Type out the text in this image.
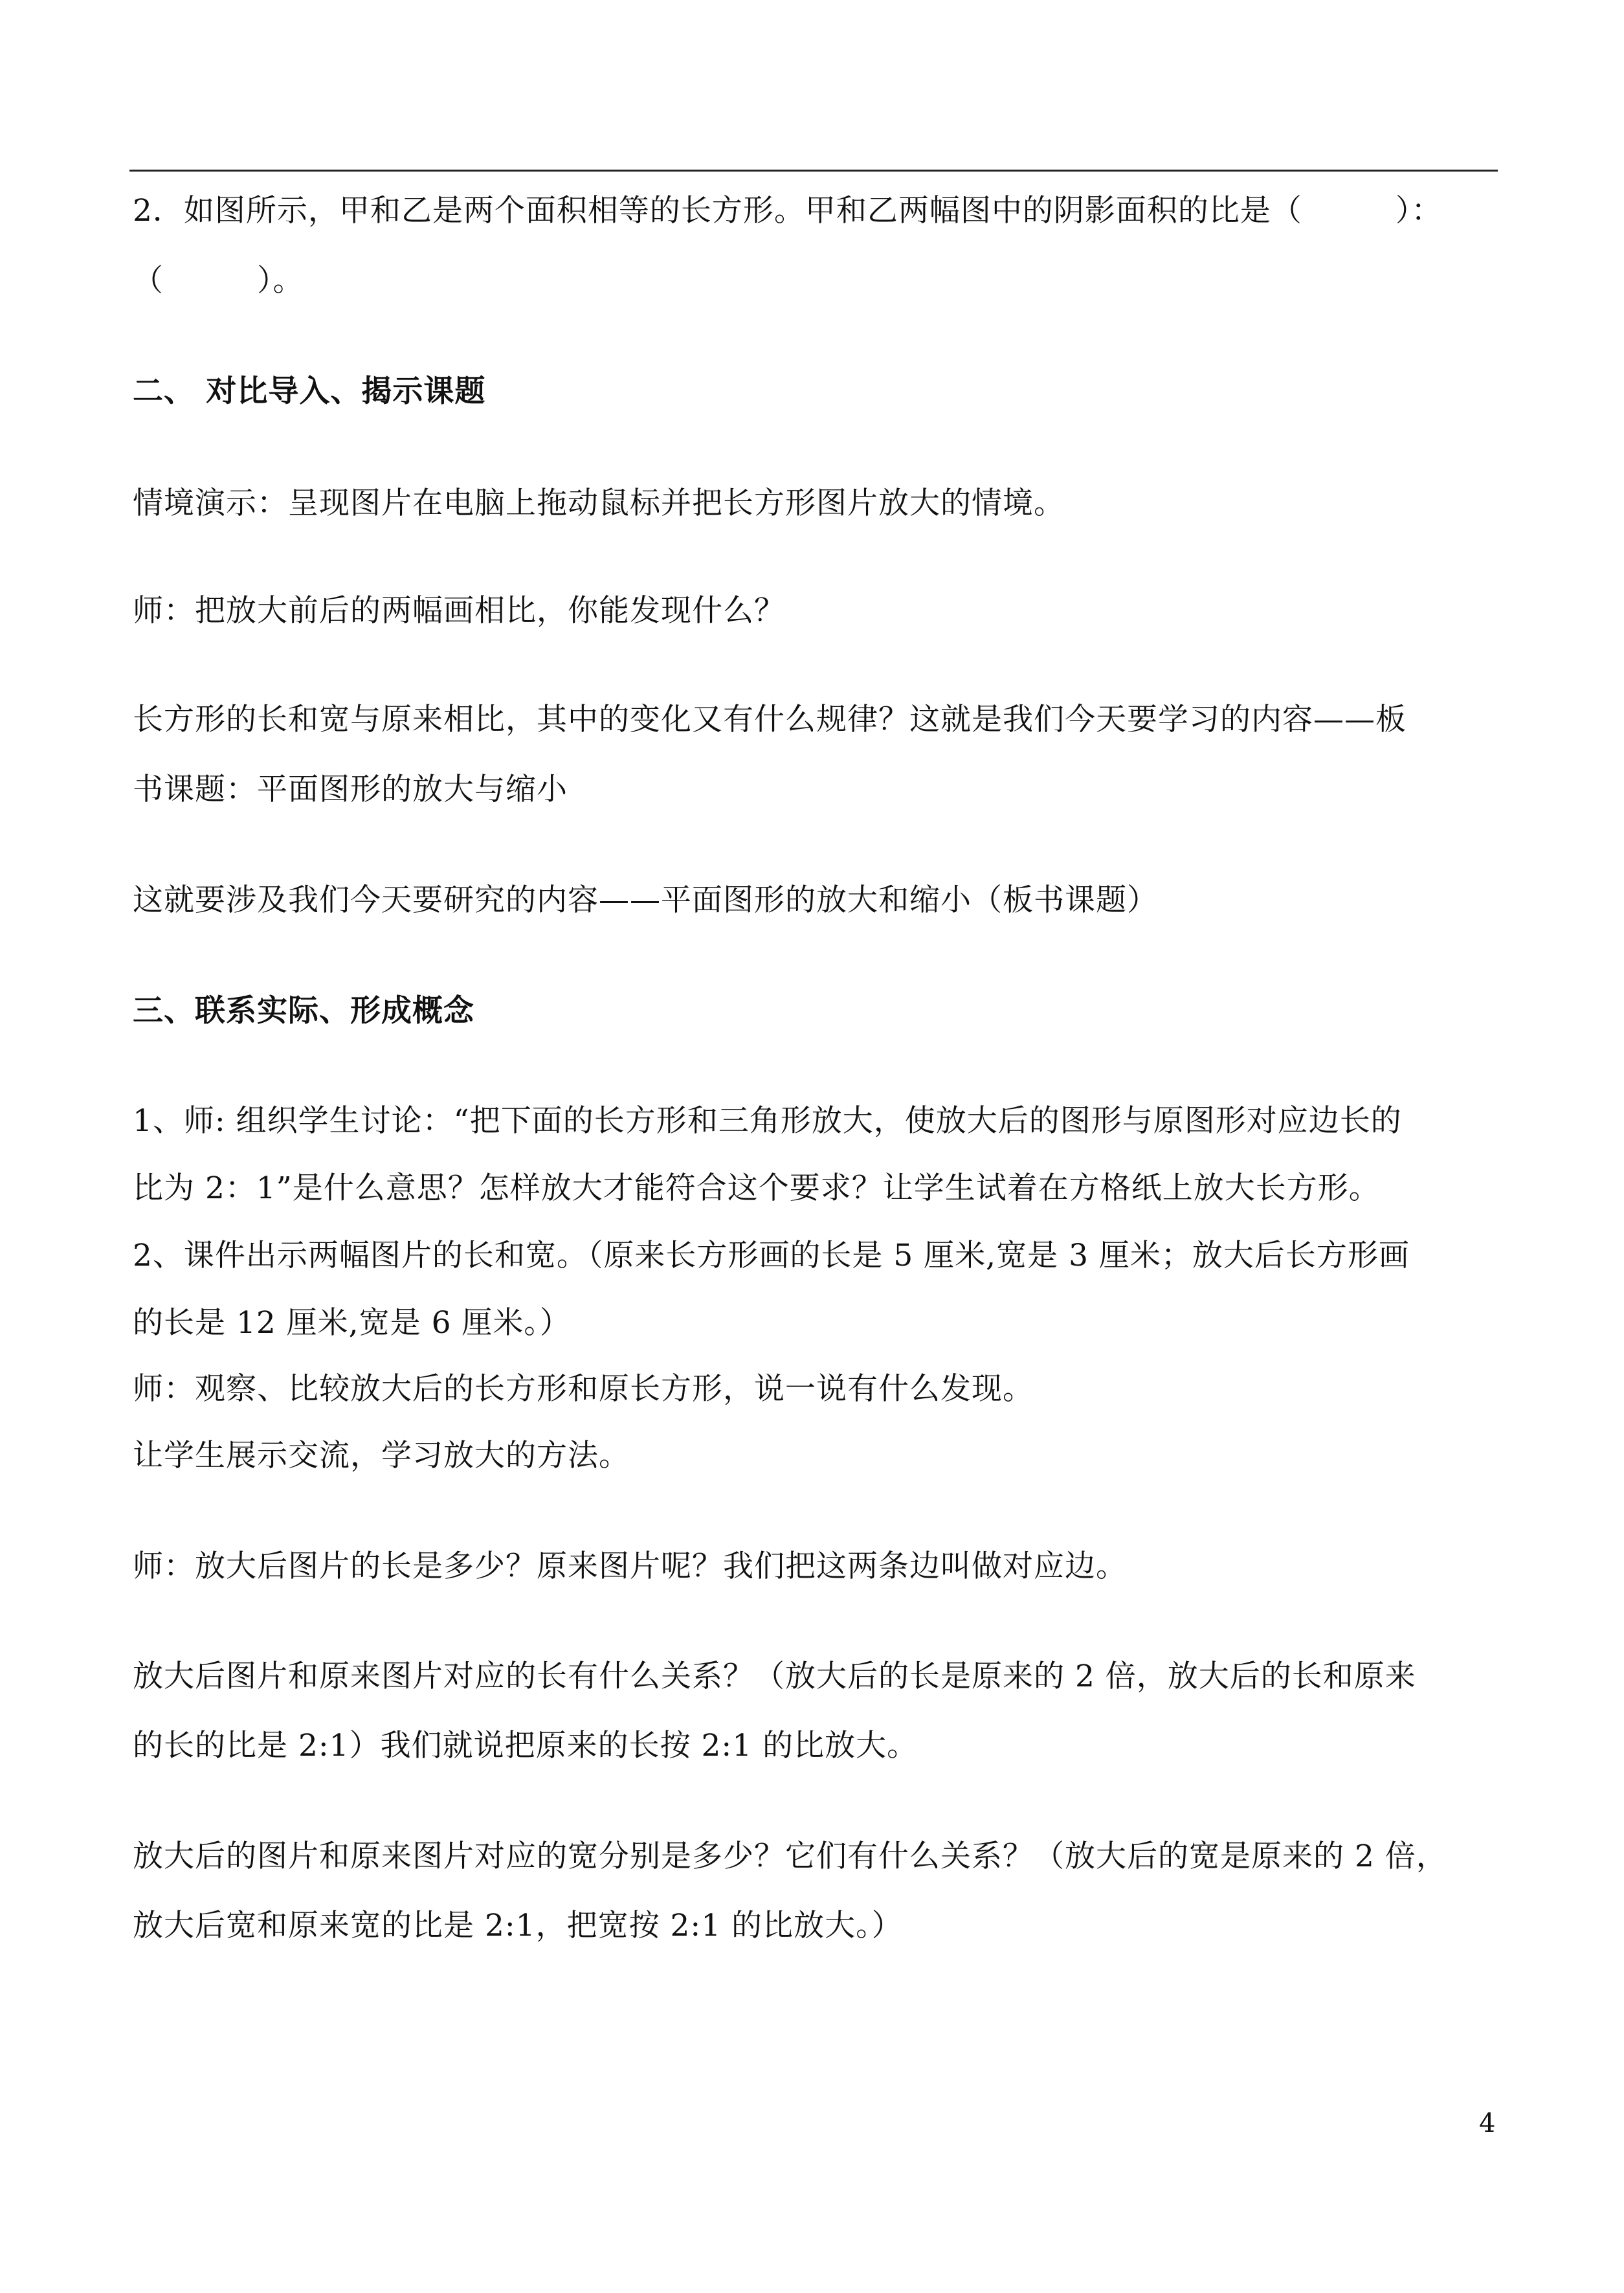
2．如图所示，甲和乙是两个面积相等的长方形。甲和乙两幅图中的阴影面积的比是（　　　）：
（　　　）。
二、 对比导入、揭示课题
情境演示：呈现图片在电脑上拖动鼠标并把长方形图片放大的情境。
师：把放大前后的两幅画相比，你能发现什么？
长方形的长和宽与原来相比，其中的变化又有什么规律？这就是我们今天要学习的内容——板
书课题：平面图形的放大与缩小
这就要涉及我们今天要研究的内容——平面图形的放大和缩小（板书课题）
三、联系实际、形成概念
1、师: 组织学生讨论：“把下面的长方形和三角形放大，使放大后的图形与原图形对应边长的
比为 2：1”是什么意思？怎样放大才能符合这个要求？让学生试着在方格纸上放大长方形。
2、课件出示两幅图片的长和宽。（原来长方形画的长是 5 厘米,宽是 3 厘米；放大后长方形画
的长是 12 厘米,宽是 6 厘米。）
师：观察、比较放大后的长方形和原长方形，说一说有什么发现。
让学生展示交流，学习放大的方法。
师：放大后图片的长是多少？原来图片呢？我们把这两条边叫做对应边。
放大后图片和原来图片对应的长有什么关系？（放大后的长是原来的 2 倍，放大后的长和原来
的长的比是 2:1）我们就说把原来的长按 2:1 的比放大。
放大后的图片和原来图片对应的宽分别是多少？它们有什么关系？（放大后的宽是原来的 2 倍，
放大后宽和原来宽的比是 2:1，把宽按 2:1 的比放大。）
4
